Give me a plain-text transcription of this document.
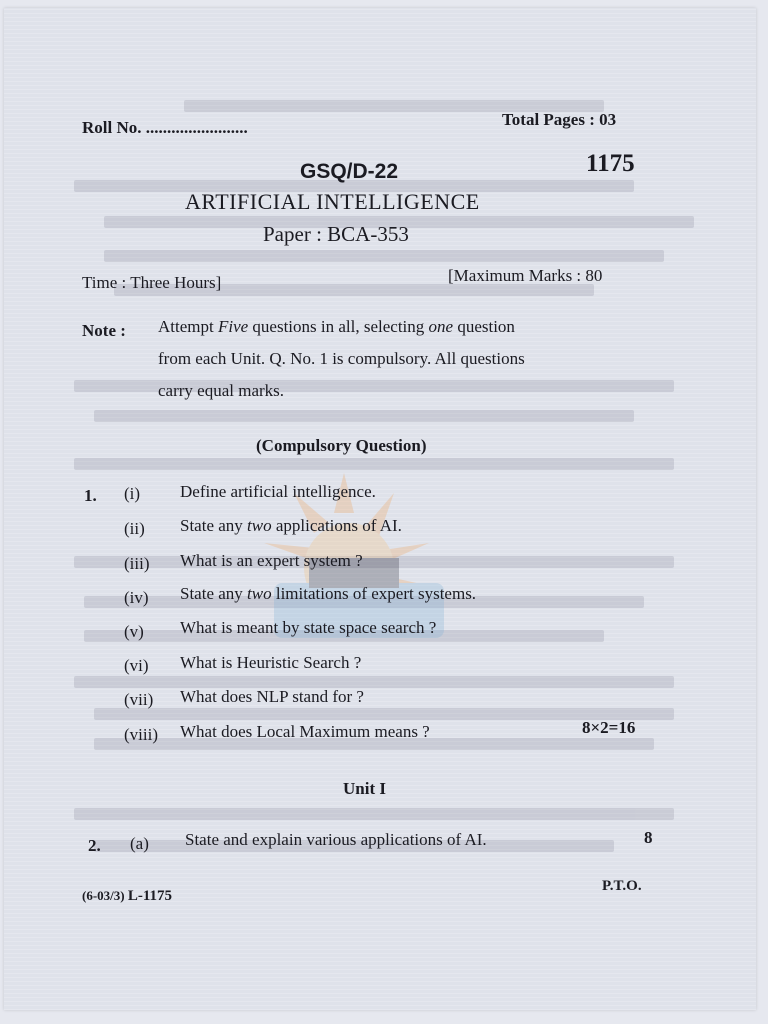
Roll No. ........................	Total Pages : 03
GSQ/D-22	1175
ARTIFICIAL INTELLIGENCE
Paper : BCA-353
Time : Three Hours]	[Maximum Marks : 80
Note : Attempt Five questions in all, selecting one question
from each Unit. Q. No. 1 is compulsory. All questions
carry equal marks.
(Compulsory Question)
1. (i) Define artificial intelligence.
(ii) State any two applications of AI.
(iii) What is an expert system ?
(iv) State any two limitations of expert systems.
(v) What is meant by state space search ?
(vi) What is Heuristic Search ?
(vii) What does NLP stand for ?
(viii) What does Local Maximum means ?	8×2=16
Unit I
2. (a) State and explain various applications of AI.	8
(6-03/3) L-1175
P.T.O.
